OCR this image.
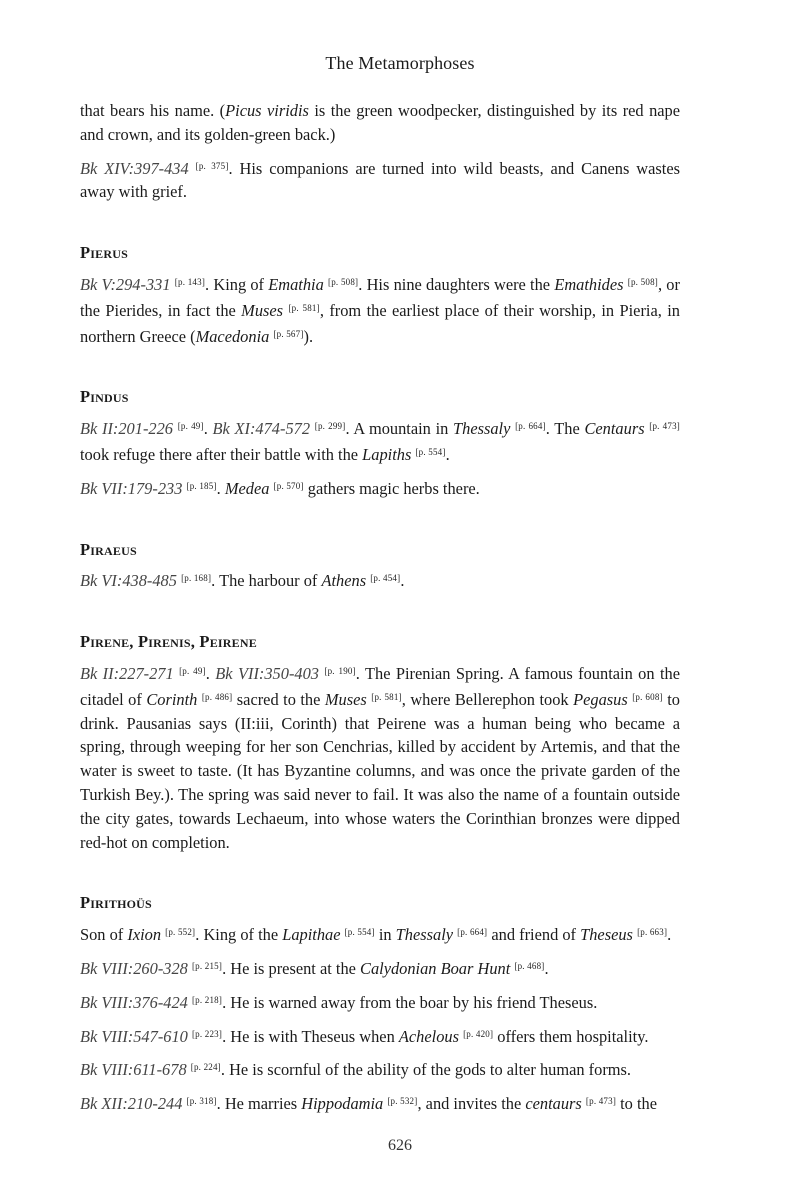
The Metamorphoses

that bears his name. (Picus viridis is the green woodpecker, distinguished by its red nape and crown, and its golden-green back.)

Bk XIV:397-434 [p. 375]. His companions are turned into wild beasts, and Canens wastes away with grief.

Pierus

Bk V:294-331 [p. 143]. King of Emathia [p. 508]. His nine daughters were the Emathides [p. 508], or the Pierides, in fact the Muses [p. 581], from the earliest place of their worship, in Pieria, in northern Greece (Macedonia [p. 567]).

Pindus

Bk II:201-226 [p. 49]. Bk XI:474-572 [p. 299]. A mountain in Thessaly [p. 664]. The Centaurs [p. 473] took refuge there after their battle with the Lapiths [p. 554].

Bk VII:179-233 [p. 185]. Medea [p. 570] gathers magic herbs there.

Piraeus

Bk VI:438-485 [p. 168]. The harbour of Athens [p. 454].

Pirene, Pirenis, Peirene

Bk II:227-271 [p. 49]. Bk VII:350-403 [p. 190]. The Pirenian Spring. A famous fountain on the citadel of Corinth [p. 486] sacred to the Muses [p. 581], where Bellerephon took Pegasus [p. 608] to drink. Pausanias says (II:iii, Corinth) that Peirene was a human being who became a spring, through weeping for her son Cenchrias, killed by accident by Artemis, and that the water is sweet to taste. (It has Byzantine columns, and was once the private garden of the Turkish Bey.). The spring was said never to fail. It was also the name of a fountain outside the city gates, towards Lechaeum, into whose waters the Corinthian bronzes were dipped red-hot on completion.

Pirithoüs

Son of Ixion [p. 552]. King of the Lapithae [p. 554] in Thessaly [p. 664] and friend of Theseus [p. 663].

Bk VIII:260-328 [p. 215]. He is present at the Calydonian Boar Hunt [p. 468].

Bk VIII:376-424 [p. 218]. He is warned away from the boar by his friend Theseus.

Bk VIII:547-610 [p. 223]. He is with Theseus when Achelous [p. 420] offers them hospitality.

Bk VIII:611-678 [p. 224]. He is scornful of the ability of the gods to alter human forms.

Bk XII:210-244 [p. 318]. He marries Hippodamia [p. 532], and invites the centaurs [p. 473] to the

626
